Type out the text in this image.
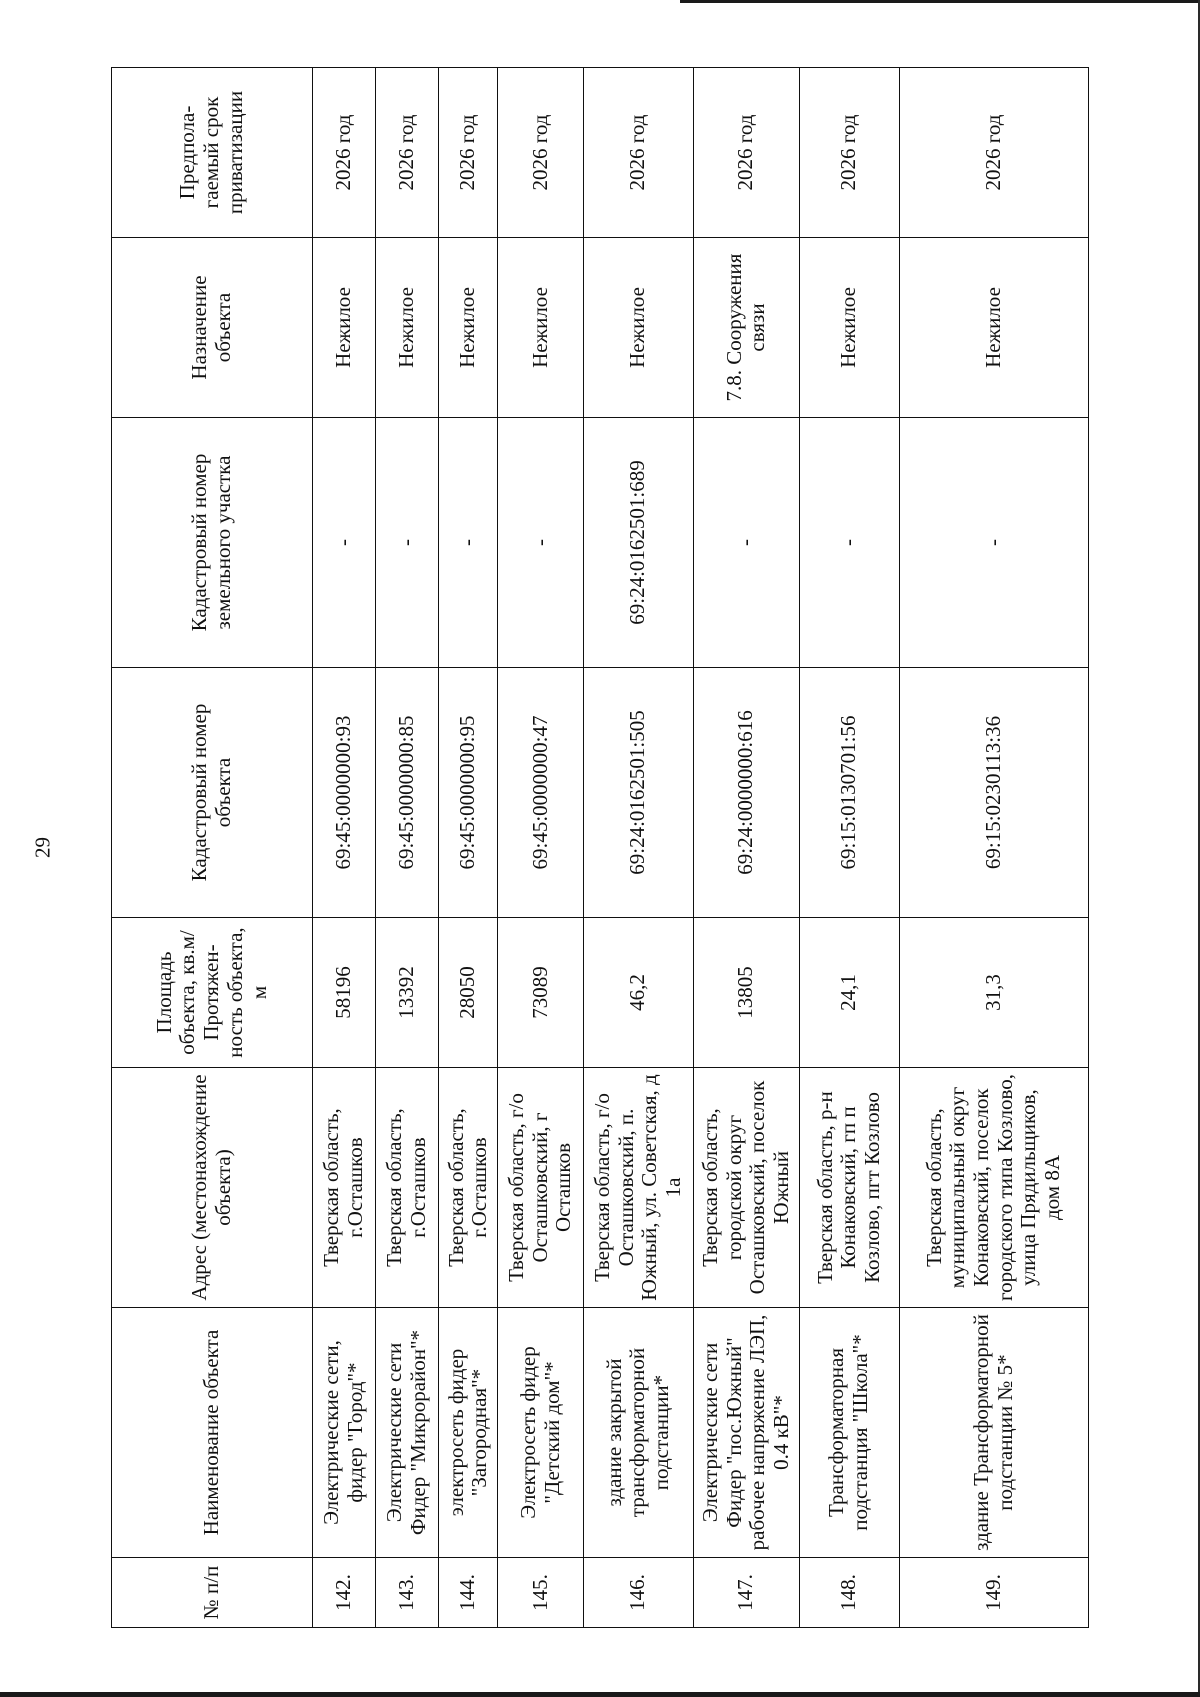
29
№ п/п	Наименование объекта	Адрес (местонахождение объекта)	Площадь объекта, кв.м/ Протяжен-ность объекта, м	Кадастровый номер объекта	Кадастровый номер земельного участка	Назначение объекта	Предпола-гаемый срок приватизации
142.	Электрические сети, фидер "Город"*	Тверская область, г.Осташков	58196	69:45:0000000:93	-	Нежилое	2026 год
143.	Электрические сети Фидер "Микрорайон"*	Тверская область, г.Осташков	13392	69:45:0000000:85	-	Нежилое	2026 год
144.	электросеть фидер "Загородная"*	Тверская область, г.Осташков	28050	69:45:0000000:95	-	Нежилое	2026 год
145.	Электросеть фидер "Детский дом"*	Тверская область, г/о Осташковский, г Осташков	73089	69:45:0000000:47	-	Нежилое	2026 год
146.	здание закрытой трансформаторной подстанции*	Тверская область, г/о Осташковский, п. Южный, ул. Советская, д 1а	46,2	69:24:0162501:505	69:24:0162501:689	Нежилое	2026 год
147.	Электрические сети Фидер "пос.Южный" рабочее напряжение ЛЭП, 0.4 кВ"*	Тверская область, городской округ Осташковский, поселок Южный	13805	69:24:0000000:616	-	7.8. Сооружения связи	2026 год
148.	Трансформаторная подстанция "Школа"*	Тверская область, р-н Конаковский, гп п Козлово, пгт Козлово	24,1	69:15:0130701:56	-	Нежилое	2026 год
149.	здание Трансформаторной подстанции № 5*	Тверская область, муниципальный округ Конаковский, поселок городского типа Козлово, улица Прядильщиков, дом 8А	31,3	69:15:0230113:36	-	Нежилое	2026 год
